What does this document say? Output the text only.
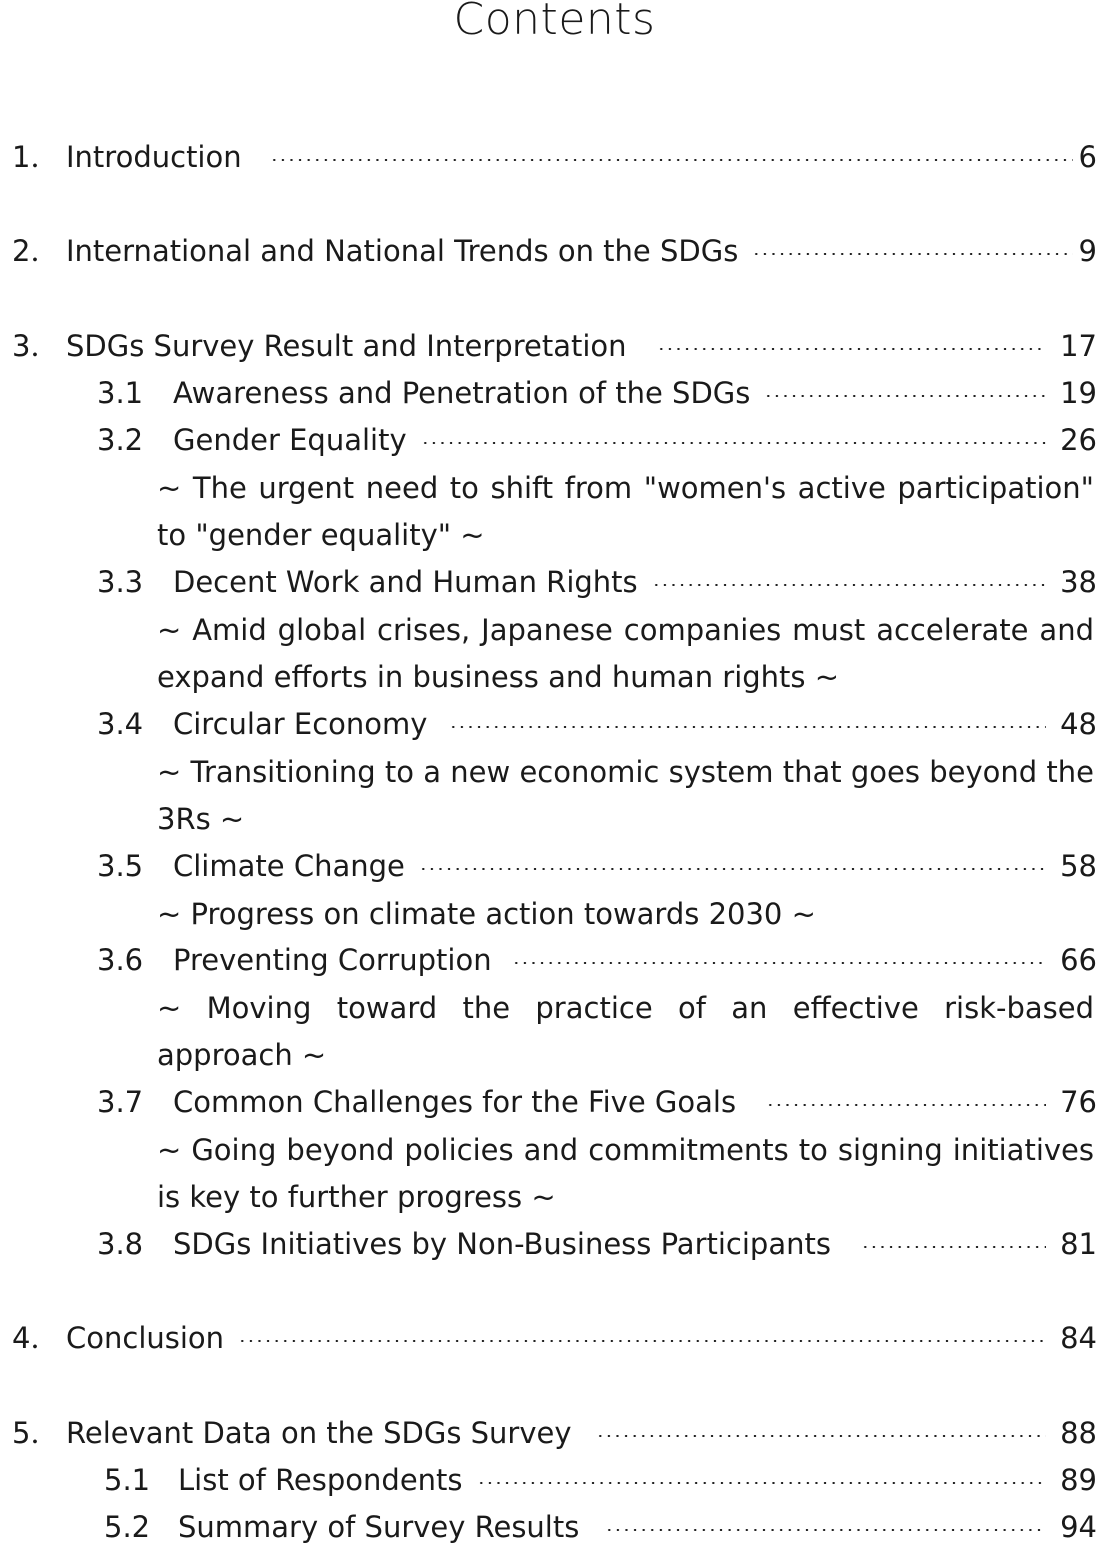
Contents
1． Introduction	6
2． International and National Trends on the SDGs	9
3． SDGs Survey Result and Interpretation	17
3.1	Awareness and Penetration of the SDGs	19
3.2	Gender Equality	26
~ The urgent need to shift from "women's active participation" to "gender equality" ~
3.3	Decent Work and Human Rights	38
~ Amid global crises, Japanese companies must accelerate and expand efforts in business and human rights ~
3.4	Circular Economy	48
~ Transitioning to a new economic system that goes beyond the 3Rs ~
3.5	Climate Change	58
~ Progress on climate action towards 2030 ~
3.6	Preventing Corruption	66
~ Moving toward the practice of an effective risk-based approach ~
3.7	Common Challenges for the Five Goals	76
~ Going beyond policies and commitments to signing initiatives is key to further progress ~
3.8	SDGs Initiatives by Non-Business Participants	81
4． Conclusion	84
5． Relevant Data on the SDGs Survey	88
5.1 List of Respondents	89
5.2 Summary of Survey Results	94
